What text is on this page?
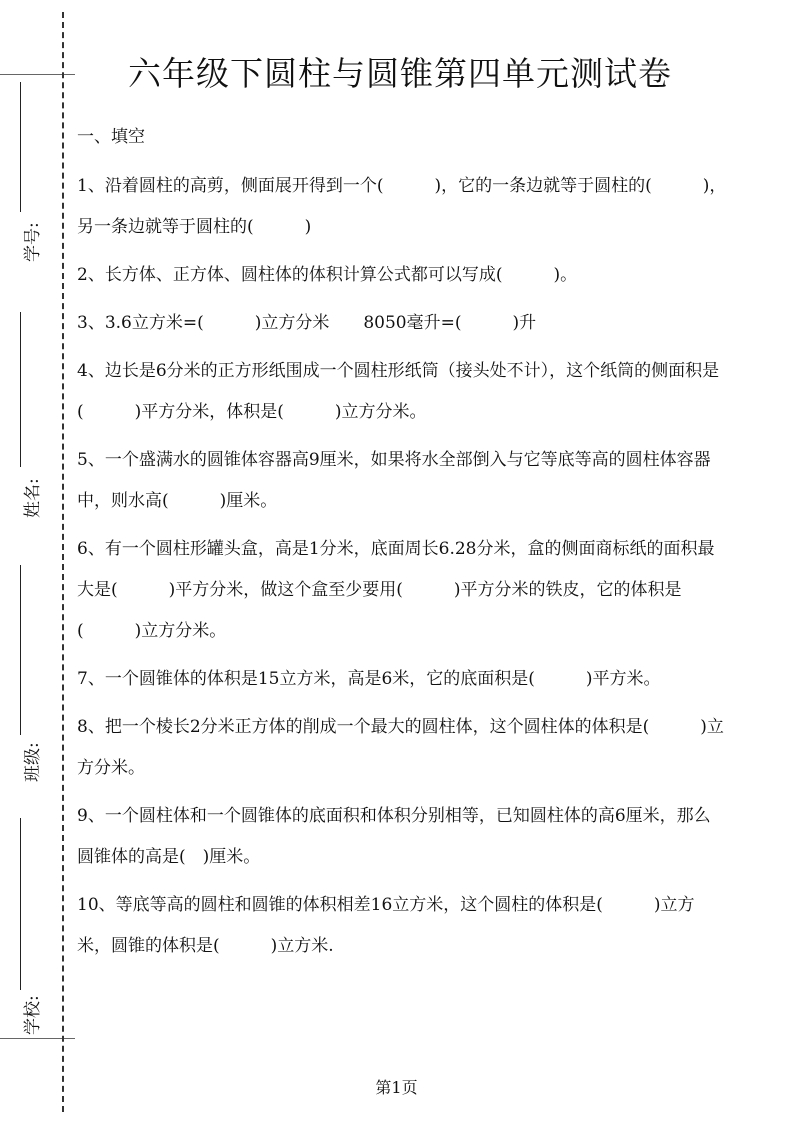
学号:
姓名:
班级:
学校:
六年级下圆柱与圆锥第四单元测试卷
一、填空
1、沿着圆柱的高剪，侧面展开得到一个(　　　)，它的一条边就等于圆柱的(　　　)，另一条边就等于圆柱的(　　　)
2、长方体、正方体、圆柱体的体积计算公式都可以写成(　　　)。
3、3.6立方米=(　　　)立方分米　　8050毫升=(　　　)升
4、边长是6分米的正方形纸围成一个圆柱形纸筒（接头处不计），这个纸筒的侧面积是(　　　)平方分米，体积是(　　　)立方分米。
5、一个盛满水的圆锥体容器高9厘米，如果将水全部倒入与它等底等高的圆柱体容器中，则水高(　　　)厘米。
6、有一个圆柱形罐头盒，高是1分米，底面周长6.28分米，盒的侧面商标纸的面积最大是(　　　)平方分米，做这个盒至少要用(　　　)平方分米的铁皮，它的体积是(　　　)立方分米。
7、一个圆锥体的体积是15立方米，高是6米，它的底面积是(　　　)平方米。
8、把一个棱长2分米正方体的削成一个最大的圆柱体，这个圆柱体的体积是(　　　)立方分米。
9、一个圆柱体和一个圆锥体的底面积和体积分别相等，已知圆柱体的高6厘米，那么圆锥体的高是(　)厘米。
10、等底等高的圆柱和圆锥的体积相差16立方米，这个圆柱的体积是(　　　)立方米，圆锥的体积是(　　　)立方米.
第1页
